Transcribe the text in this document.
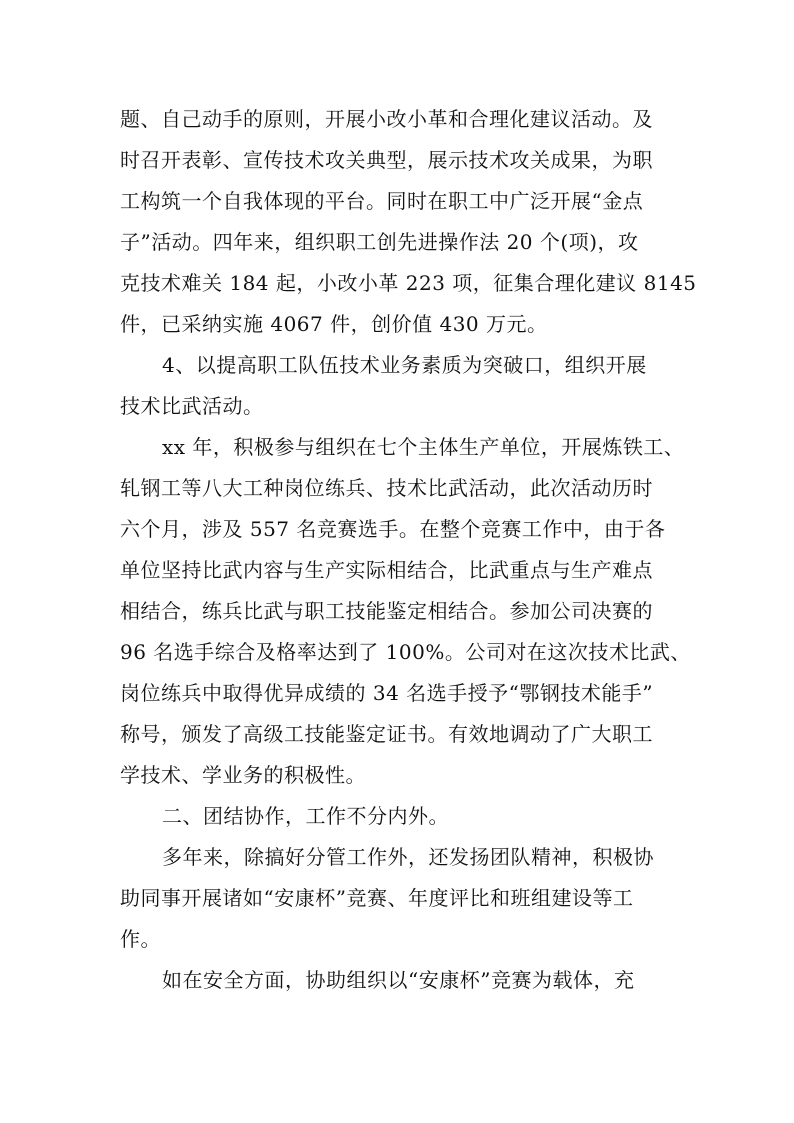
题、自己动手的原则，开展小改小革和合理化建议活动。及
时召开表彰、宣传技术攻关典型，展示技术攻关成果，为职
工构筑一个自我体现的平台。同时在职工中广泛开展“金点
子”活动。四年来，组织职工创先进操作法 20 个(项)，攻
克技术难关 184 起，小改小革 223 项，征集合理化建议 8145
件，已采纳实施 4067 件，创价值 430 万元。
4、以提高职工队伍技术业务素质为突破口，组织开展
技术比武活动。
xx 年，积极参与组织在七个主体生产单位，开展炼铁工、
轧钢工等八大工种岗位练兵、技术比武活动，此次活动历时
六个月，涉及 557 名竞赛选手。在整个竞赛工作中，由于各
单位坚持比武内容与生产实际相结合，比武重点与生产难点
相结合，练兵比武与职工技能鉴定相结合。参加公司决赛的
96 名选手综合及格率达到了 100%。公司对在这次技术比武、
岗位练兵中取得优异成绩的 34 名选手授予“鄂钢技术能手”
称号，颁发了高级工技能鉴定证书。有效地调动了广大职工
学技术、学业务的积极性。
二、团结协作，工作不分内外。
多年来，除搞好分管工作外，还发扬团队精神，积极协
助同事开展诸如“安康杯”竞赛、年度评比和班组建设等工
作。
如在安全方面，协助组织以“安康杯”竞赛为载体，充
